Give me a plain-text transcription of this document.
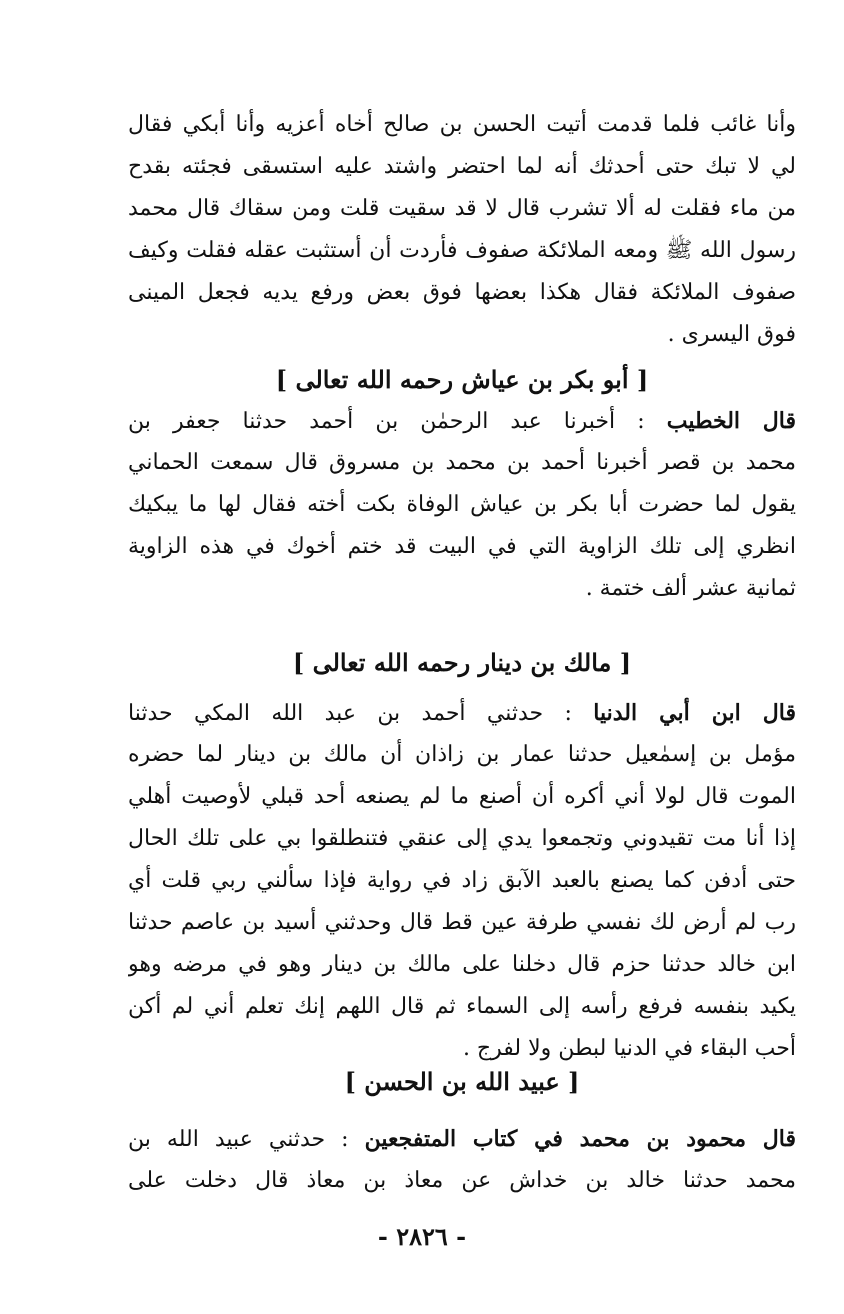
وأنا غائب فلما قدمت أتيت الحسن بن صالح أخاه أعزيه وأنا أبكي فقال
لي لا تبك حتى أحدثك أنه لما احتضر واشتد عليه استسقى فجئته بقدح
من ماء فقلت له ألا تشرب قال لا قد سقيت قلت ومن سقاك قال محمد
رسول الله ﷺ ومعه الملائكة صفوف فأردت أن أستثبت عقله فقلت وكيف
صفوف الملائكة فقال هكذا بعضها فوق بعض ورفع يديه فجعل المينى
فوق اليسرى .
[ أبو بكر بن عياش رحمه الله تعالى ]
قال الخطيب : أخبرنا عبد الرحمٰن بن أحمد حدثنا جعفر بن
محمد بن قصر أخبرنا أحمد بن محمد بن مسروق قال سمعت الحماني
يقول لما حضرت أبا بكر بن عياش الوفاة بكت أخته فقال لها ما يبكيك
انظري إلى تلك الزاوية التي في البيت قد ختم أخوك في هذه الزاوية
ثمانية عشر ألف ختمة .
[ مالك بن دينار رحمه الله تعالى ]
قال ابن أبي الدنيا : حدثني أحمد بن عبد الله المكي حدثنا
مؤمل بن إسمٰعيل حدثنا عمار بن زاذان أن مالك بن دينار لما حضره
الموت قال لولا أني أكره أن أصنع ما لم يصنعه أحد قبلي لأوصيت أهلي
إذا أنا مت تقيدوني وتجمعوا يدي إلى عنقي فتنطلقوا بي على تلك الحال
حتى أدفن كما يصنع بالعبد الآبق زاد في رواية فإذا سألني ربي قلت أي
رب لم أرض لك نفسي طرفة عين قط قال وحدثني أسيد بن عاصم حدثنا
ابن خالد حدثنا حزم قال دخلنا على مالك بن دينار وهو في مرضه وهو
يكيد بنفسه فرفع رأسه إلى السماء ثم قال اللهم إنك تعلم أني لم أكن
أحب البقاء في الدنيا لبطن ولا لفرج .
[ عبيد الله بن الحسن ]
قال محمود بن محمد في كتاب المتفجعين : حدثني عبيد الله بن
محمد حدثنا خالد بن خداش عن معاذ بن معاذ قال دخلت على
- ٢٨٢٦ -
